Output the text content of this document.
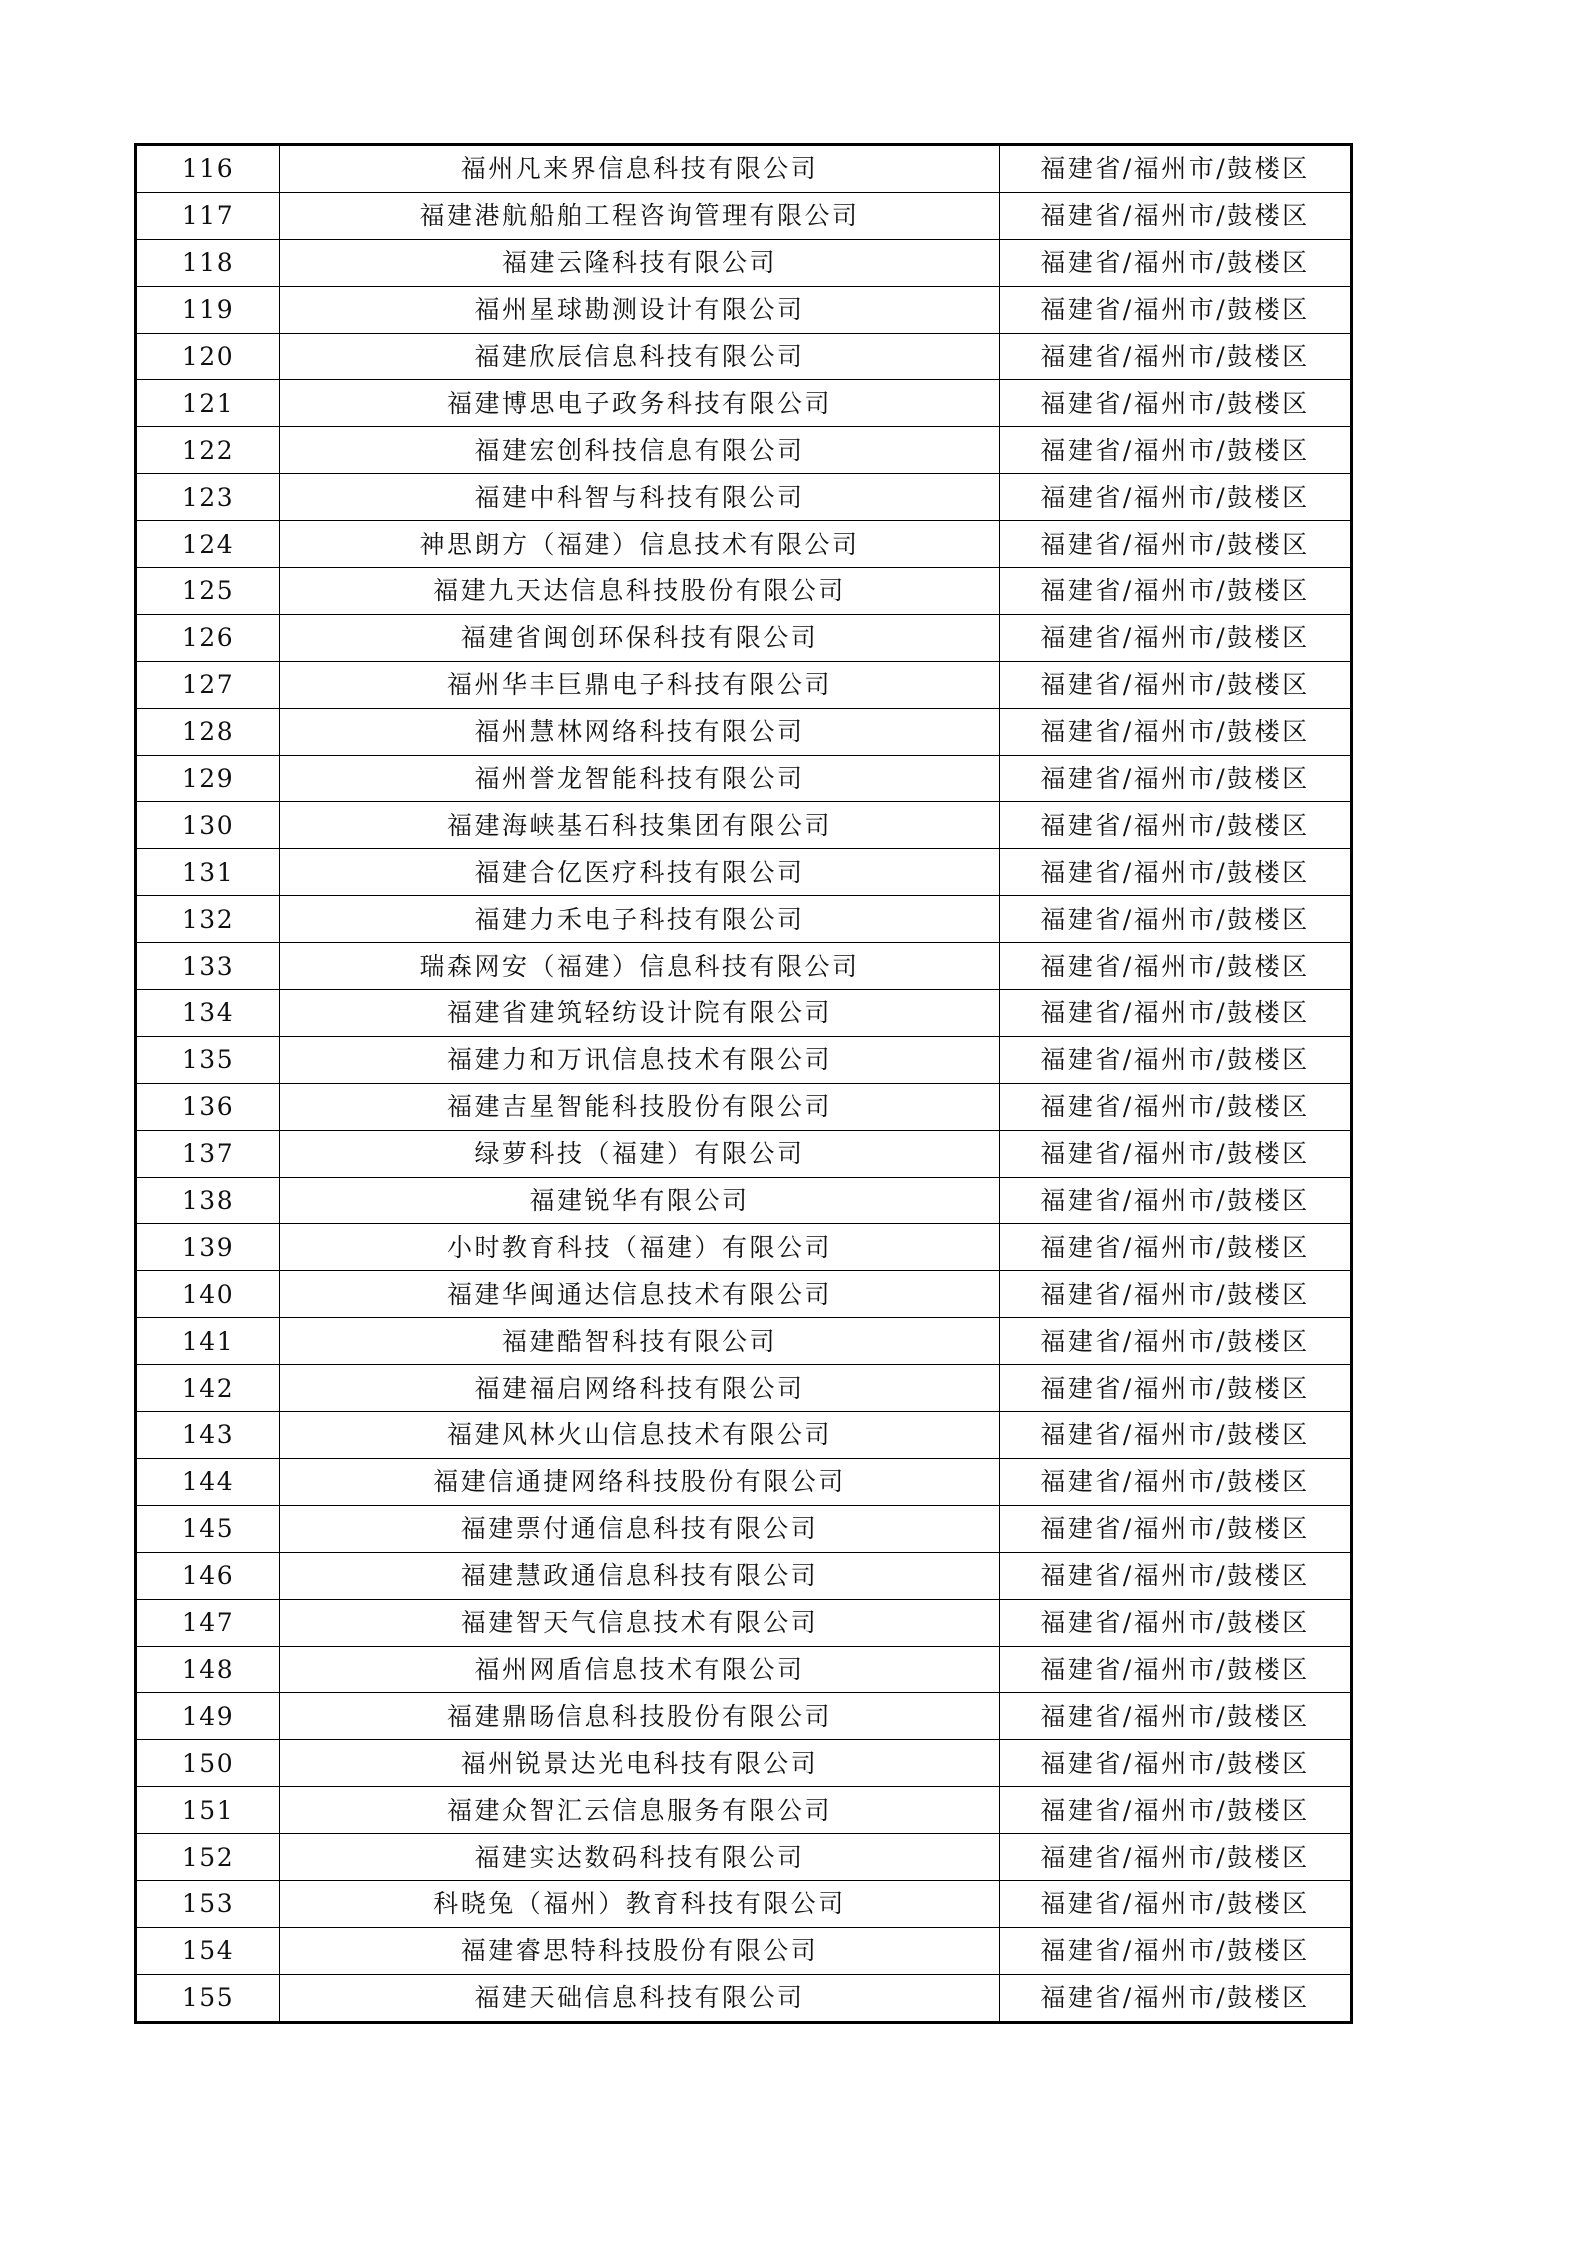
116	福州凡来界信息科技有限公司	福建省/福州市/鼓楼区
117	福建港航船舶工程咨询管理有限公司	福建省/福州市/鼓楼区
118	福建云隆科技有限公司	福建省/福州市/鼓楼区
119	福州星球勘测设计有限公司	福建省/福州市/鼓楼区
120	福建欣辰信息科技有限公司	福建省/福州市/鼓楼区
121	福建博思电子政务科技有限公司	福建省/福州市/鼓楼区
122	福建宏创科技信息有限公司	福建省/福州市/鼓楼区
123	福建中科智与科技有限公司	福建省/福州市/鼓楼区
124	神思朗方（福建）信息技术有限公司	福建省/福州市/鼓楼区
125	福建九天达信息科技股份有限公司	福建省/福州市/鼓楼区
126	福建省闽创环保科技有限公司	福建省/福州市/鼓楼区
127	福州华丰巨鼎电子科技有限公司	福建省/福州市/鼓楼区
128	福州慧林网络科技有限公司	福建省/福州市/鼓楼区
129	福州誉龙智能科技有限公司	福建省/福州市/鼓楼区
130	福建海峡基石科技集团有限公司	福建省/福州市/鼓楼区
131	福建合亿医疗科技有限公司	福建省/福州市/鼓楼区
132	福建力禾电子科技有限公司	福建省/福州市/鼓楼区
133	瑞森网安（福建）信息科技有限公司	福建省/福州市/鼓楼区
134	福建省建筑轻纺设计院有限公司	福建省/福州市/鼓楼区
135	福建力和万讯信息技术有限公司	福建省/福州市/鼓楼区
136	福建吉星智能科技股份有限公司	福建省/福州市/鼓楼区
137	绿萝科技（福建）有限公司	福建省/福州市/鼓楼区
138	福建锐华有限公司	福建省/福州市/鼓楼区
139	小时教育科技（福建）有限公司	福建省/福州市/鼓楼区
140	福建华闽通达信息技术有限公司	福建省/福州市/鼓楼区
141	福建酷智科技有限公司	福建省/福州市/鼓楼区
142	福建福启网络科技有限公司	福建省/福州市/鼓楼区
143	福建风林火山信息技术有限公司	福建省/福州市/鼓楼区
144	福建信通捷网络科技股份有限公司	福建省/福州市/鼓楼区
145	福建票付通信息科技有限公司	福建省/福州市/鼓楼区
146	福建慧政通信息科技有限公司	福建省/福州市/鼓楼区
147	福建智天气信息技术有限公司	福建省/福州市/鼓楼区
148	福州网盾信息技术有限公司	福建省/福州市/鼓楼区
149	福建鼎旸信息科技股份有限公司	福建省/福州市/鼓楼区
150	福州锐景达光电科技有限公司	福建省/福州市/鼓楼区
151	福建众智汇云信息服务有限公司	福建省/福州市/鼓楼区
152	福建实达数码科技有限公司	福建省/福州市/鼓楼区
153	科晓兔（福州）教育科技有限公司	福建省/福州市/鼓楼区
154	福建睿思特科技股份有限公司	福建省/福州市/鼓楼区
155	福建天础信息科技有限公司	福建省/福州市/鼓楼区
